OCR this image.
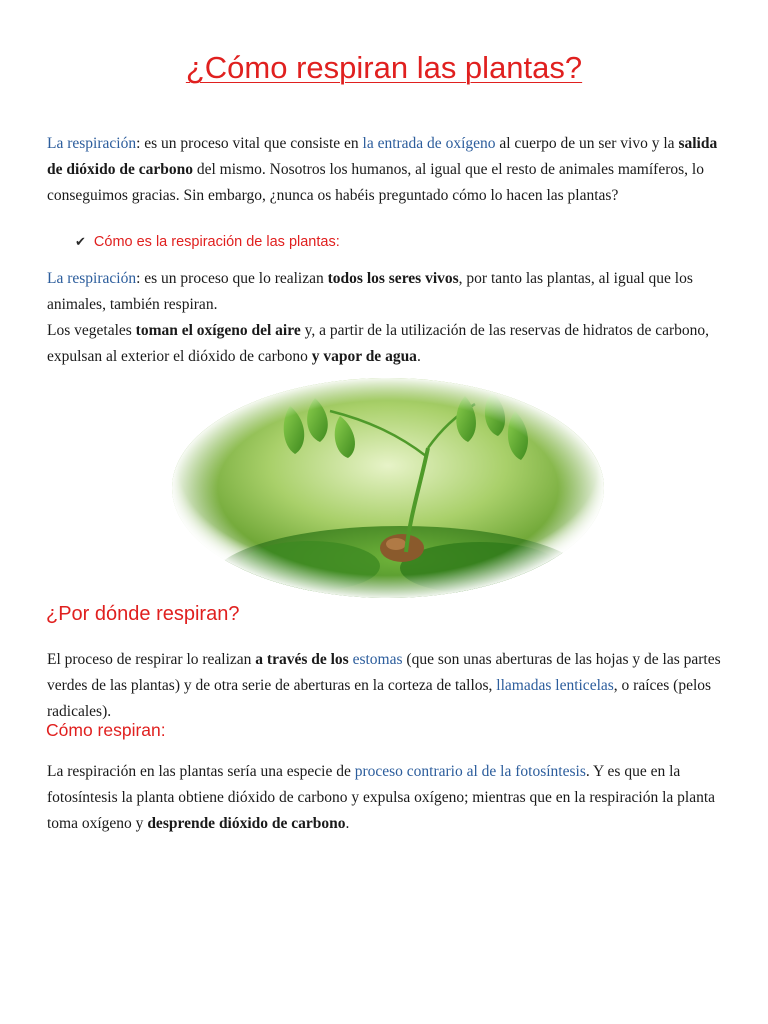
¿Cómo respiran las plantas?
La respiración: es un proceso vital que consiste en la entrada de oxígeno al cuerpo de un ser vivo y la salida de dióxido de carbono del mismo. Nosotros los humanos, al igual que el resto de animales mamíferos, lo conseguimos gracias. Sin embargo, ¿nunca os habéis preguntado cómo lo hacen las plantas?
✔ Cómo es la respiración de las plantas:
La respiración: es un proceso que lo realizan todos los seres vivos, por tanto las plantas, al igual que los animales, también respiran.
Los vegetales toman el oxígeno del aire y, a partir de la utilización de las reservas de hidratos de carbono, expulsan al exterior el dióxido de carbono y vapor de agua.
¿Por dónde respiran?
El proceso de respirar lo realizan a través de los estomas (que son unas aberturas de las hojas y de las partes verdes de las plantas) y de otra serie de aberturas en la corteza de tallos, llamadas lenticelas, o raíces (pelos radicales).
Cómo respiran:
La respiración en las plantas sería una especie de proceso contrario al de la fotosíntesis. Y es que en la fotosíntesis la planta obtiene dióxido de carbono y expulsa oxígeno; mientras que en la respiración la planta toma oxígeno y desprende dióxido de carbono.
